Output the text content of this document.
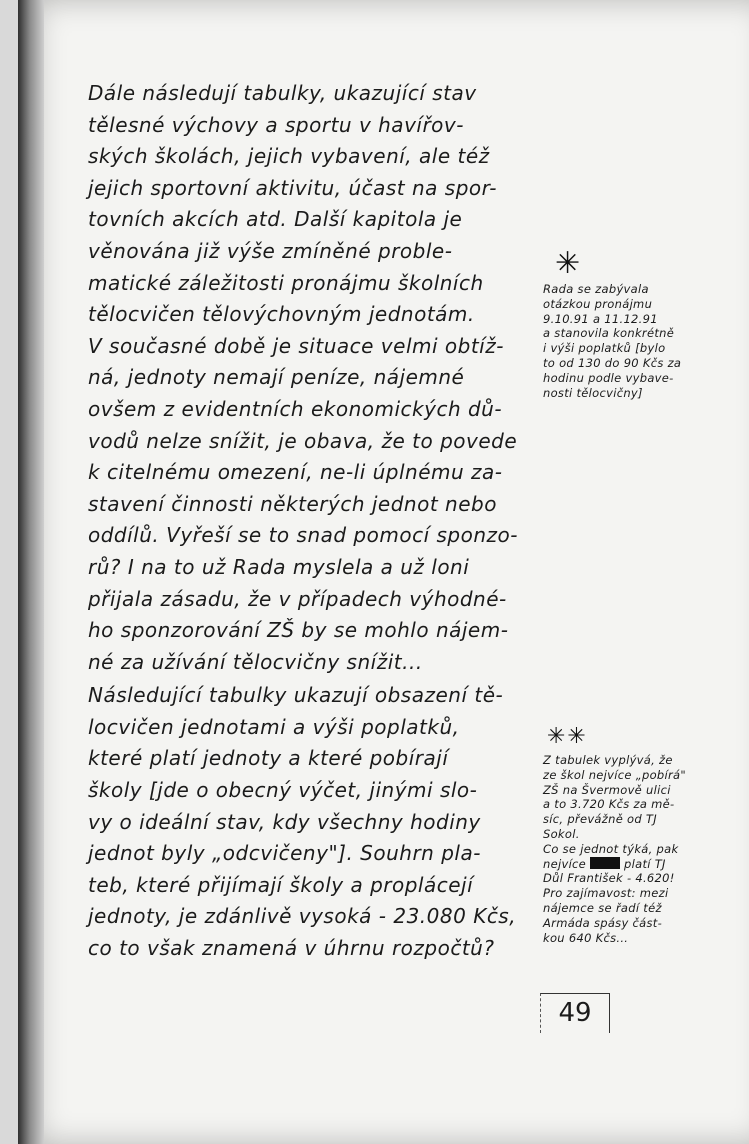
Dále následují tabulky, ukazující stav
tělesné výchovy a sportu v havířov-
ských školách, jejich vybavení, ale též
jejich sportovní aktivitu, účast na spor-
tovních akcích atd. Další kapitola je
věnována již výše zmíněné proble-
matické záležitosti pronájmu školních
tělocvičen tělovýchovným jednotám.
V současné době je situace velmi obtíž-
ná, jednoty nemají peníze, nájemné
ovšem z evidentních ekonomických dů-
vodů nelze snížit, je obava, že to povede
k citelnému omezení, ne-li úplnému za-
stavení činnosti některých jednot nebo
oddílů. Vyřeší se to snad pomocí sponzo-
rů? I na to už Rada myslela a už loni
přijala zásadu, že v případech výhodné-
ho sponzorování ZŠ by se mohlo nájem-
né za užívání tělocvičny snížit...

Následující tabulky ukazují obsazení tě-
locvičen jednotami a výši poplatků,
které platí jednoty a které pobírají
školy [jde o obecný výčet, jinými slo-
vy o ideální stav, kdy všechny hodiny
jednot byly „odcvičeny"]. Souhrn pla-
teb, které přijímají školy a proplácejí
jednoty, je zdánlivě vysoká - 23.080 Kčs,
co to však znamená v úhrnu rozpočtů?

✳
Rada se zabývala
otázkou pronájmu
9.10.91 a 11.12.91
a stanovila konkrétně
i výši poplatků [bylo
to od 130 do 90 Kčs za
hodinu podle vybave-
nosti tělocvičny]
✳✳
Z tabulek vyplývá, že
ze škol nejvíce „pobírá"
ZŠ na Švermově ulici
a to 3.720 Kčs za mě-
síc, převážně od TJ
Sokol.
Co se jednot týká, pak
nejvíce	platí TJ
Důl František - 4.620!
Pro zajímavost: mezi
nájemce se řadí též
Armáda spásy část-
kou 640 Kčs...
49
